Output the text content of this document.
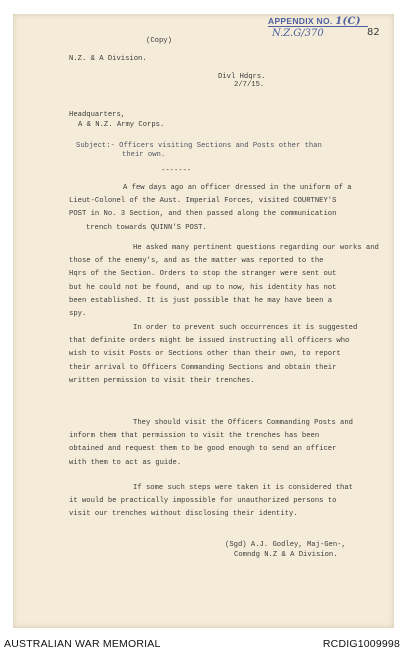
APPENDIX NO. 1(C)
N.Z.G/370	82
(Copy)
N.Z. & A Division.
Divl Hdqrs.
2/7/15.
Headquarters,
A & N.Z. Army Corps.
Subject:- Officers visiting Sections and Posts other than
their own.
-------
A few days ago an officer dressed in the uniform of a
Lieut-Colonel of the Aust. Imperial Forces, visited COURTNEY'S
POST in No. 3 Section, and then passed along the communication
trench towards QUINN'S POST.
He asked many pertinent questions regarding our works and
those of the enemy's, and as the matter was reported to the
Hqrs of the Section. Orders to stop the stranger were sent out
but he could not be found, and up to now, his identity has not
been established. It is just possible that he may have been a
spy.
In order to prevent such occurrences it is suggested
that definite orders might be issued instructing all officers who
wish to visit Posts or Sections other than their own, to report
their arrival to Officers Commanding Sections and obtain their
written permission to visit their trenches.
They should visit the Officers Commanding Posts and
inform them that permission to visit the trenches has been
obtained and request them to be good enough to send an officer
with them to act as guide.
If some such steps were taken it is considered that
it would be practically impossible for unauthorized persons to
visit our trenches without disclosing their identity.
(Sgd) A.J. Godley, Maj-Gen-,
Comndg N.Z & A Division.
AUSTRALIAN WAR MEMORIAL	RCDIG1009998
